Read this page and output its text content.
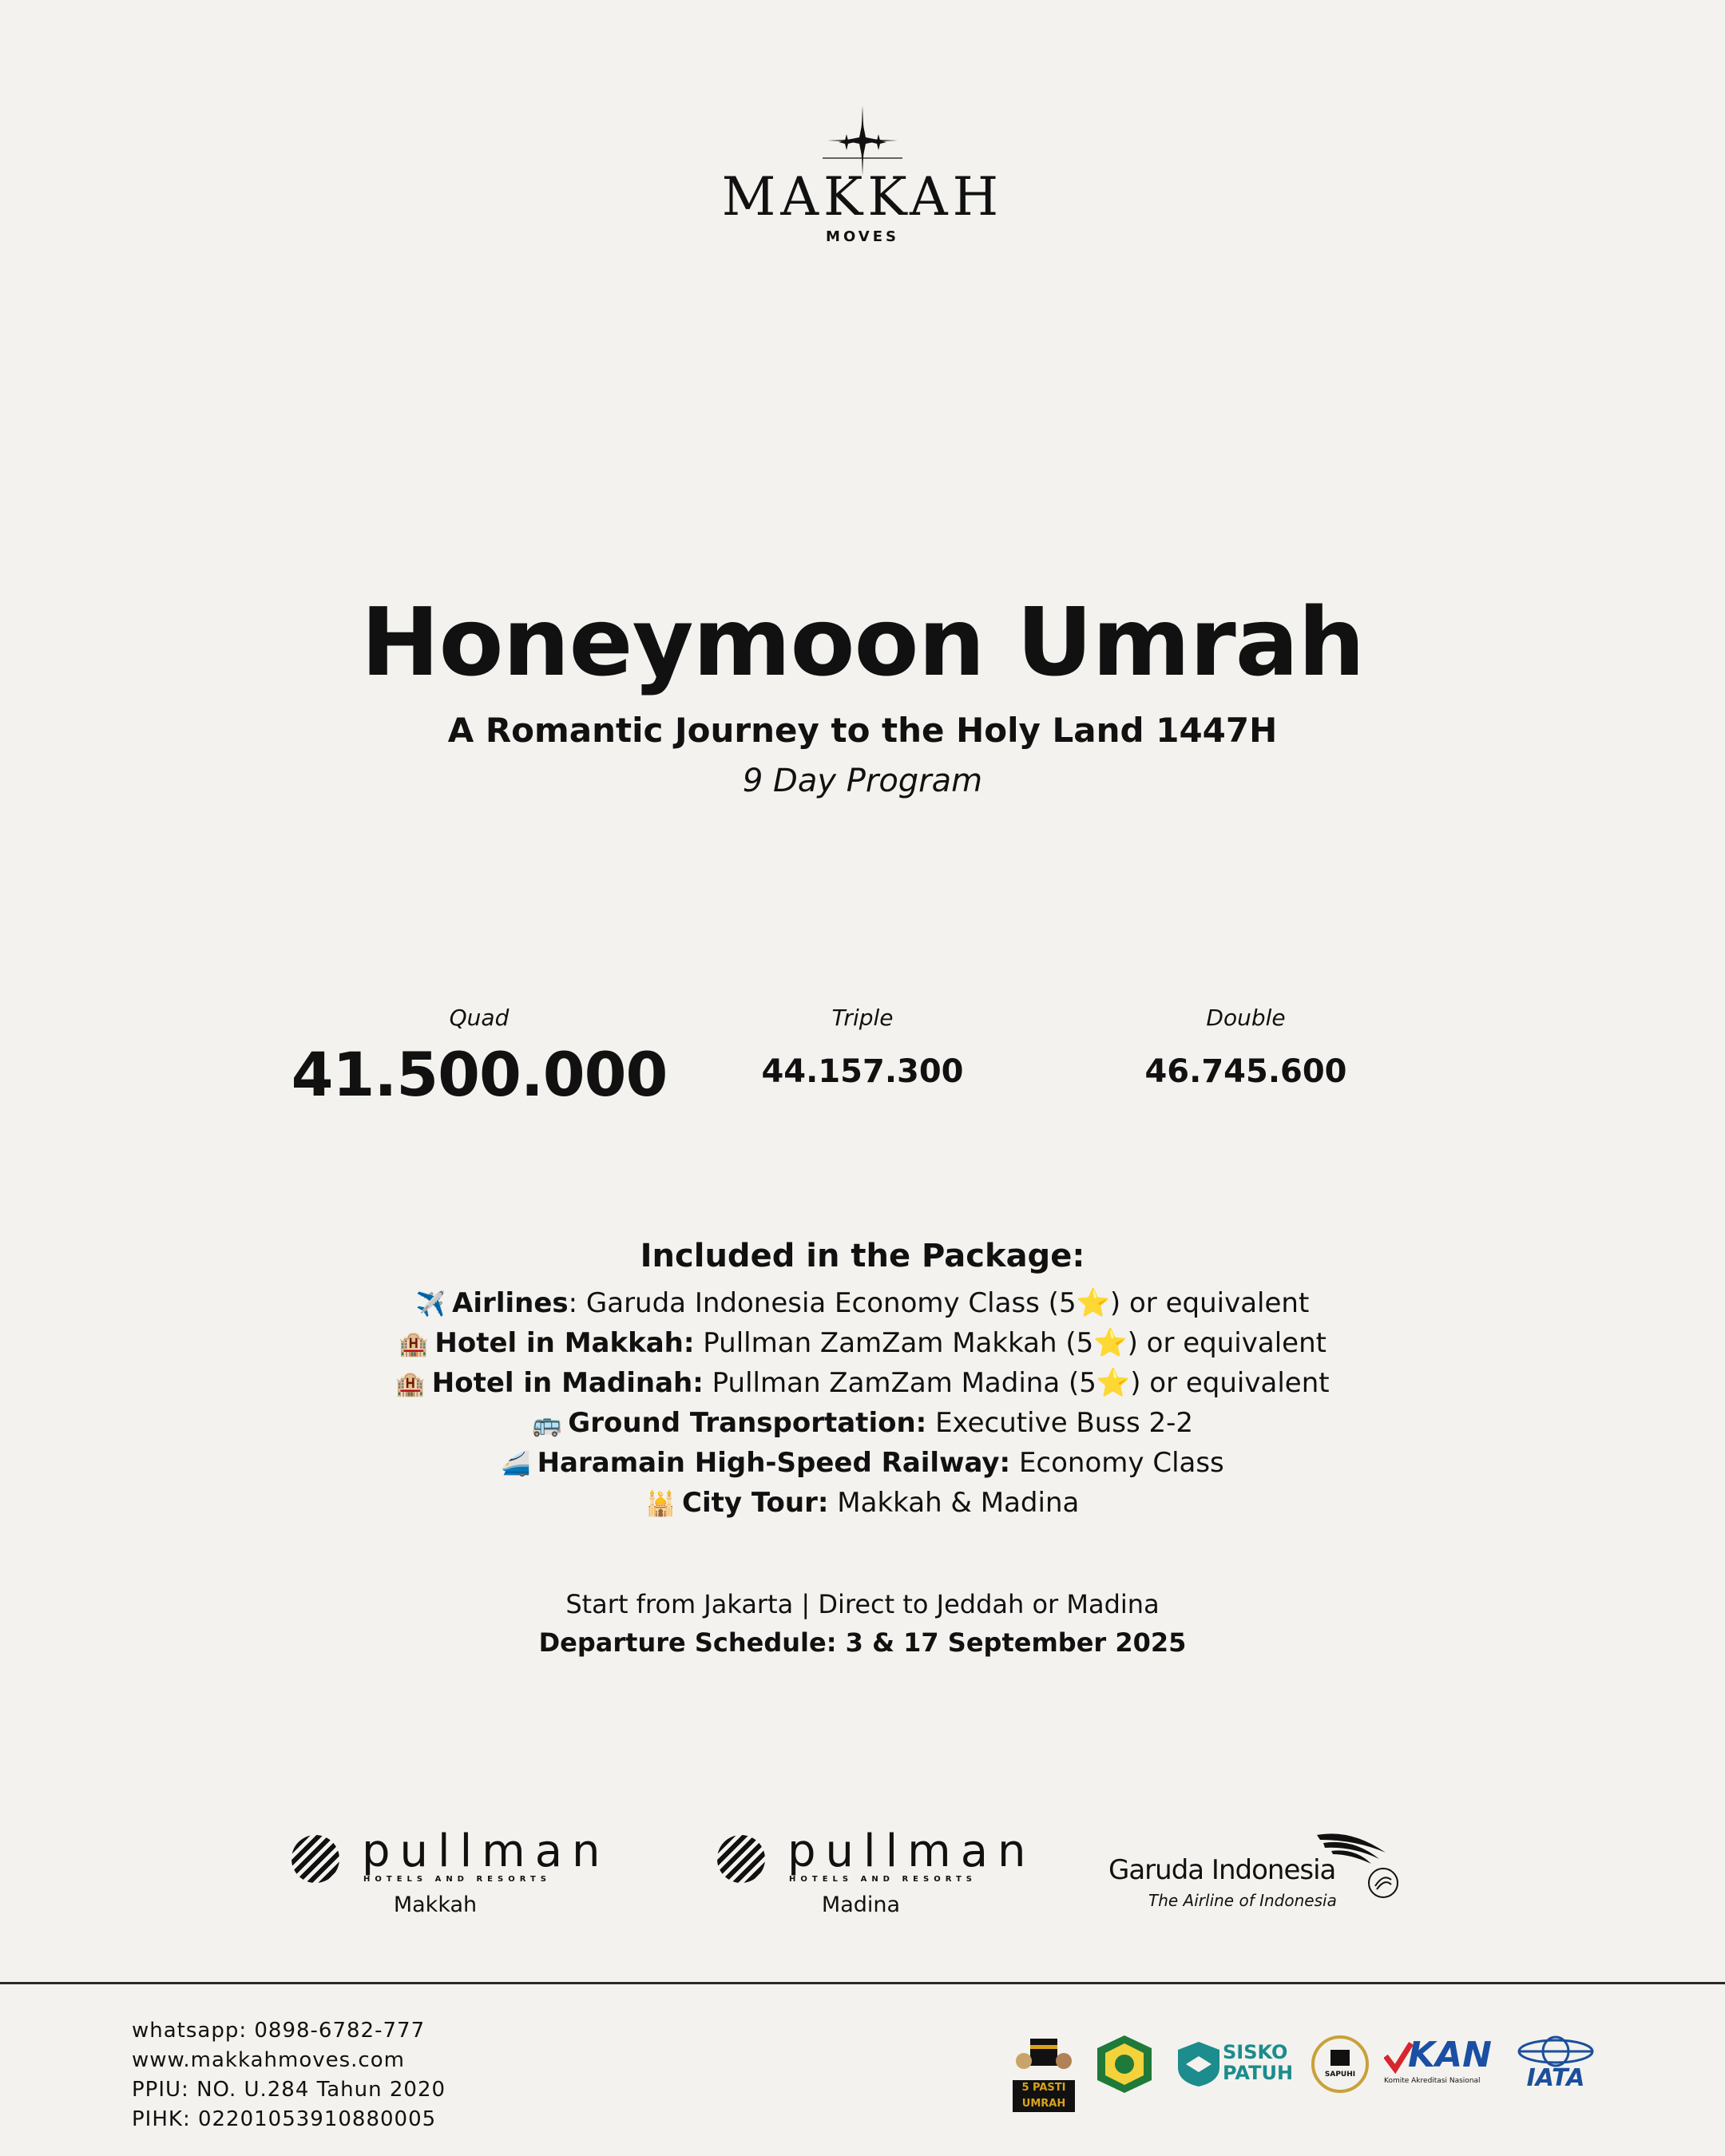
MAKKAH
MOVES
Honeymoon Umrah
A Romantic Journey to the Holy Land 1447H
9 Day Program
Quad
41.500.000
Triple
44.157.300
Double
46.745.600
Included in the Package:
✈️ Airlines: Garuda Indonesia Economy Class (5⭐) or equivalent
🏨 Hotel in Makkah: Pullman ZamZam Makkah (5⭐) or equivalent
🏨 Hotel in Madinah: Pullman ZamZam Madina (5⭐) or equivalent
🚌 Ground Transportation: Executive Buss 2-2
🚄 Haramain High-Speed Railway: Economy Class
🕌 City Tour: Makkah & Madina
Start from Jakarta | Direct to Jeddah or Madina
Departure Schedule: 3 & 17 September 2025
pullman
HOTELS AND RESORTS
Makkah
pullman
HOTELS AND RESORTS
Madina
Garuda Indonesia
The Airline of Indonesia
whatsapp: 0898-6782-777
www.makkahmoves.com
PPIU: NO. U.284 Tahun 2020
PIHK: 02201053910880005
5 PASTI UMRAH
SISKO
PATUH	SAPUHI	KAN
Komite Akreditasi Nasional	IATA
